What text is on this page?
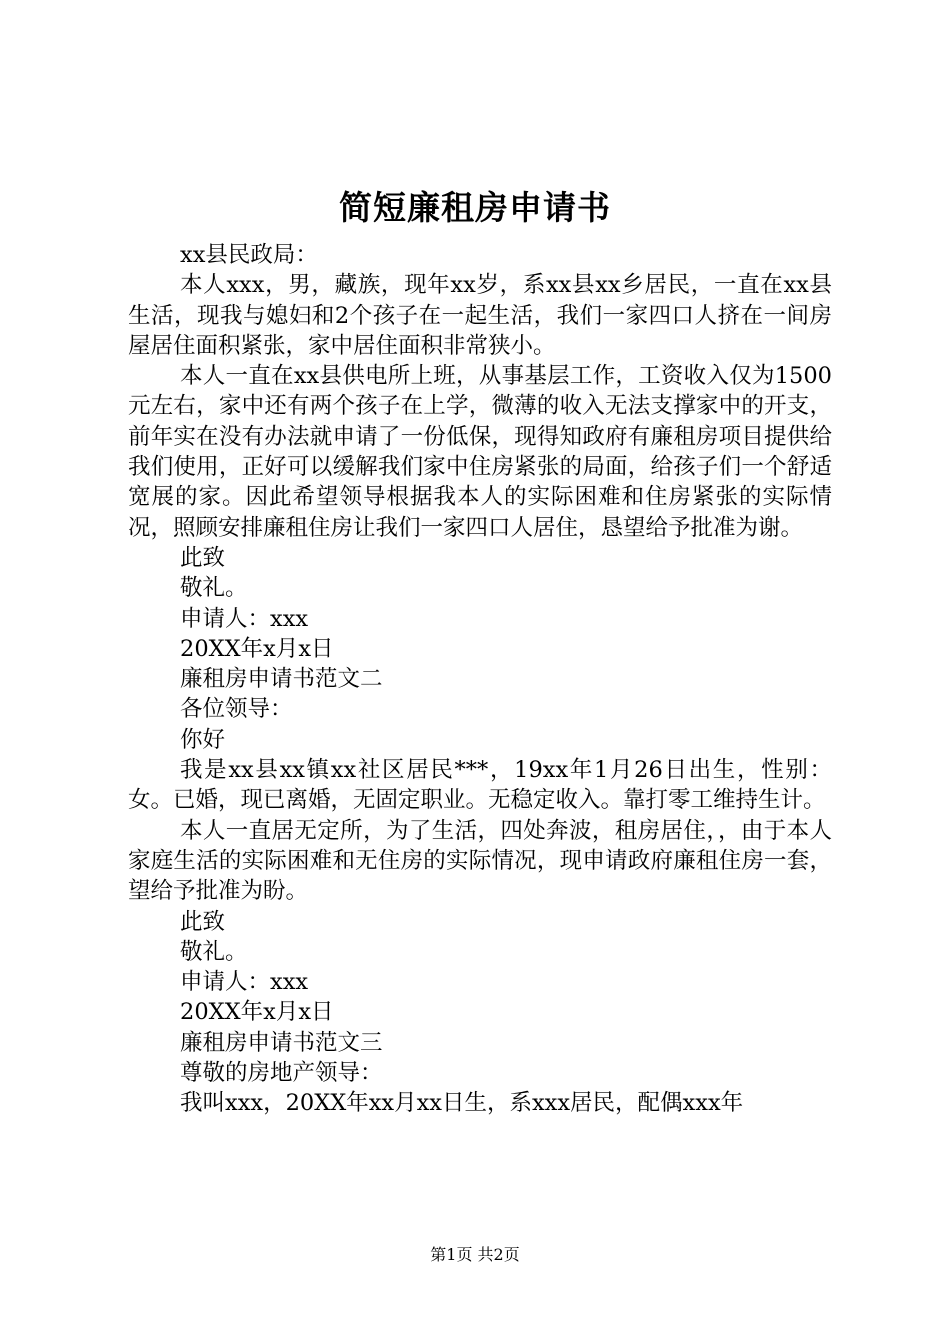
简短廉租房申请书

xx县民政局：

本人xxx，男，藏族，现年xx岁，系xx县xx乡居民，一直在xx县生活，现我与媳妇和2个孩子在一起生活，我们一家四口人挤在一间房屋居住面积紧张，家中居住面积非常狭小。

本人一直在xx县供电所上班，从事基层工作，工资收入仅为1500元左右，家中还有两个孩子在上学，微薄的收入无法支撑家中的开支，前年实在没有办法就申请了一份低保，现得知政府有廉租房项目提供给我们使用，正好可以缓解我们家中住房紧张的局面，给孩子们一个舒适宽展的家。因此希望领导根据我本人的实际困难和住房紧张的实际情况，照顾安排廉租住房让我们一家四口人居住，恳望给予批准为谢。

此致

敬礼。

申请人：xxx

20XX年x月x日

廉租房申请书范文二

各位领导：

你好

我是xx县xx镇xx社区居民***，19xx年1月26日出生，性别：女。已婚，现已离婚，无固定职业。无稳定收入。靠打零工维持生计。

本人一直居无定所，为了生活，四处奔波，租房居住，，由于本人家庭生活的实际困难和无住房的实际情况，现申请政府廉租住房一套，望给予批准为盼。

此致

敬礼。

申请人：xxx

20XX年x月x日

廉租房申请书范文三

尊敬的房地产领导：

我叫xxx，20XX年xx月xx日生，系xxx居民，配偶xxx年

第1页 共2页
